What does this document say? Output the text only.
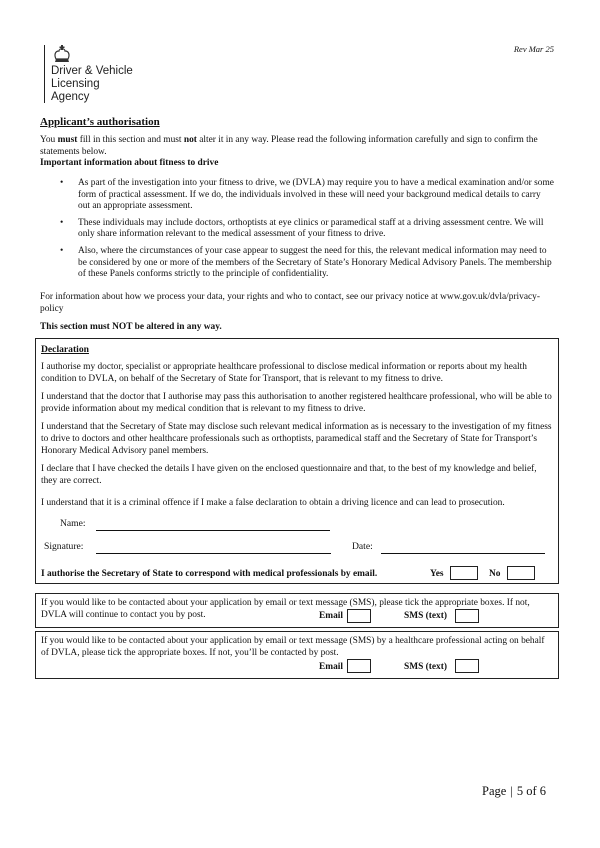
Driver & Vehicle
Licensing
Agency
Rev Mar 25
Applicant’s authorisation
You must fill in this section and must not alter it in any way. Please read the following information carefully and sign to confirm the statements below.
Important information about fitness to drive
• As part of the investigation into your fitness to drive, we (DVLA) may require you to have a medical examination and/or some form of practical assessment. If we do, the individuals involved in these will need your background medical details to carry out an appropriate assessment.
• These individuals may include doctors, orthoptists at eye clinics or paramedical staff at a driving assessment centre. We will only share information relevant to the medical assessment of your fitness to drive.
• Also, where the circumstances of your case appear to suggest the need for this, the relevant medical information may need to be considered by one or more of the members of the Secretary of State’s Honorary Medical Advisory Panels. The membership of these Panels conforms strictly to the principle of confidentiality.
For information about how we process your data, your rights and who to contact, see our privacy notice at www.gov.uk/dvla/privacy-policy
This section must NOT be altered in any way.
Declaration
I authorise my doctor, specialist or appropriate healthcare professional to disclose medical information or reports about my health condition to DVLA, on behalf of the Secretary of State for Transport, that is relevant to my fitness to drive.
I understand that the doctor that I authorise may pass this authorisation to another registered healthcare professional, who will be able to provide information about my medical condition that is relevant to my fitness to drive.
I understand that the Secretary of State may disclose such relevant medical information as is necessary to the investigation of my fitness to drive to doctors and other healthcare professionals such as orthoptists, paramedical staff and the Secretary of State for Transport’s Honorary Medical Advisory panel members.
I declare that I have checked the details I have given on the enclosed questionnaire and that, to the best of my knowledge and belief, they are correct.
I understand that it is a criminal offence if I make a false declaration to obtain a driving licence and can lead to prosecution.
Name:
Signature:	Date:
I authorise the Secretary of State to correspond with medical professionals by email.	Yes	No
If you would like to be contacted about your application by email or text message (SMS), please tick the appropriate boxes. If not, DVLA will continue to contact you by post.	Email	SMS (text)
If you would like to be contacted about your application by email or text message (SMS) by a healthcare professional acting on behalf of DVLA, please tick the appropriate boxes. If not, you’ll be contacted by post.
Email	SMS (text)
Page | 5 of 6
